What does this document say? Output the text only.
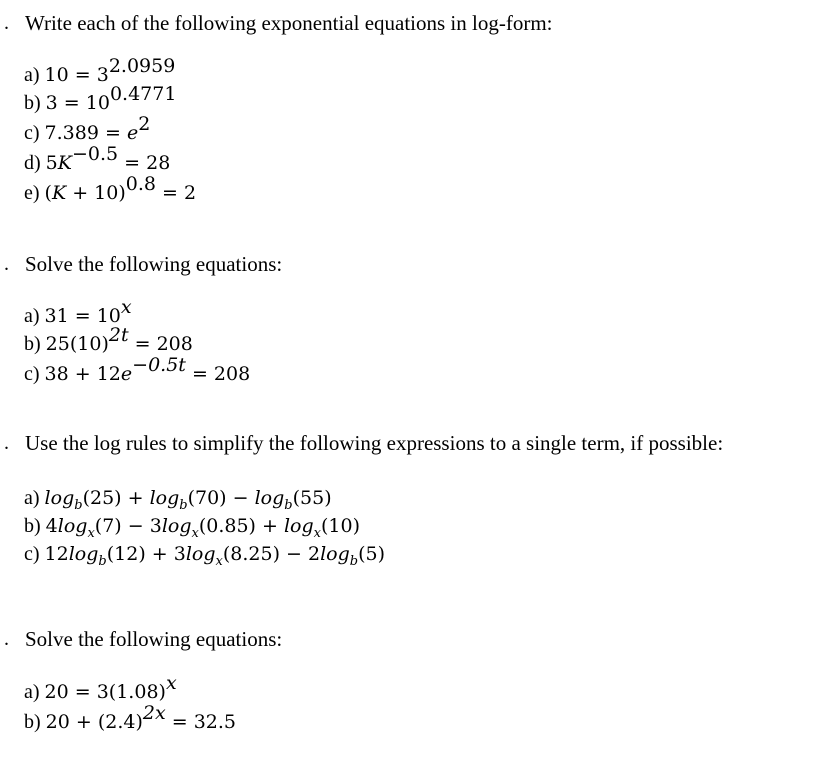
. Write each of the following exponential equations in log-form:
a) $10 = 3^{2.0959}$
b) $3 = 10^{0.4771}$
c) $7.389 = e^2$
d) $5K^{-0.5} = 28$
e) $(K + 10)^{0.8} = 2$
. Solve the following equations:
a) $31 = 10^x$
b) $25(10)^{2t} = 208$
c) $38 + 12e^{-0.5t} = 208$
. Use the log rules to simplify the following expressions to a single term, if possible:
a) $\log_b(25) + \log_b(70) - \log_b(55)$
b) $4\log_x(7) - 3\log_x(0.85) + \log_x(10)$
c) $12\log_b(12) + 3\log_x(8.25) - 2\log_b(5)$
. Solve the following equations:
a) $20 = 3(1.08)^x$
b) $20 + (2.4)^{2x} = 32.5$
